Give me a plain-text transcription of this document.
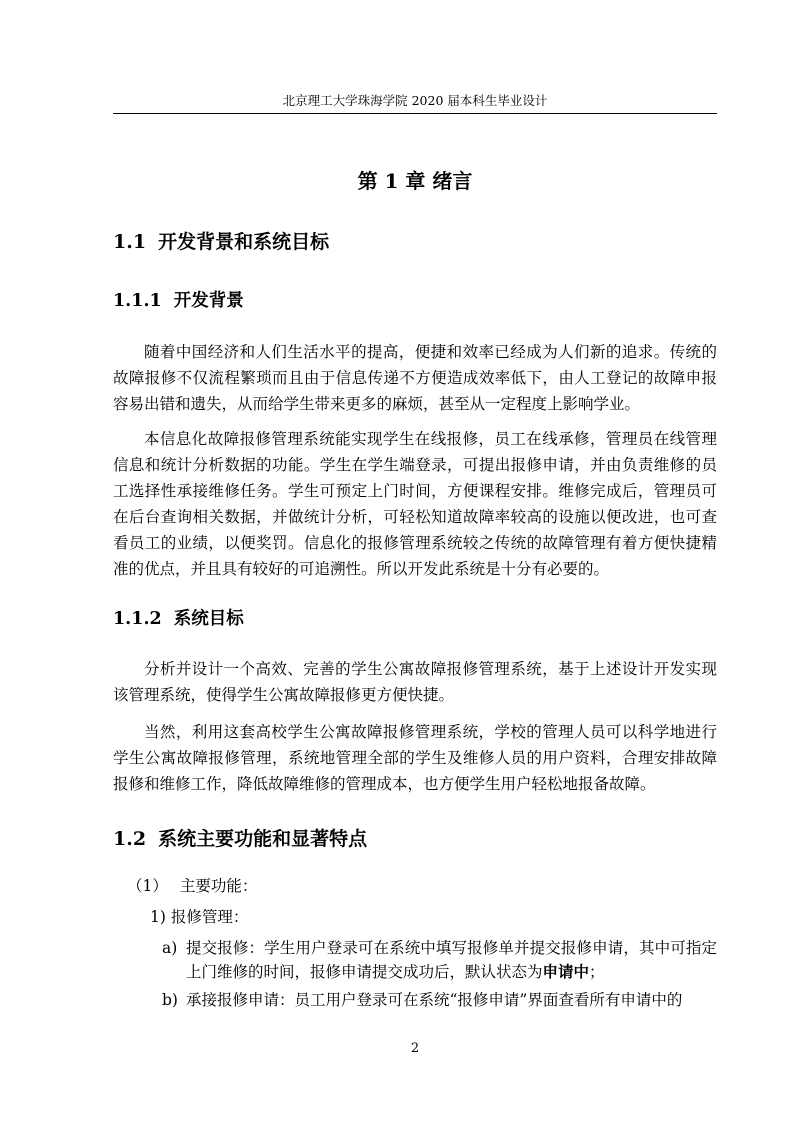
北京理工大学珠海学院 2020 届本科生毕业设计
第 1 章 绪言
1.1 开发背景和系统目标
1.1.1 开发背景

随着中国经济和人们生活水平的提高，便捷和效率已经成为人们新的追求。传统的故障报修不仅流程繁琐而且由于信息传递不方便造成效率低下，由人工登记的故障申报容易出错和遗失，从而给学生带来更多的麻烦，甚至从一定程度上影响学业。

本信息化故障报修管理系统能实现学生在线报修，员工在线承修，管理员在线管理信息和统计分析数据的功能。学生在学生端登录，可提出报修申请，并由负责维修的员工选择性承接维修任务。学生可预定上门时间，方便课程安排。维修完成后，管理员可在后台查询相关数据，并做统计分析，可轻松知道故障率较高的设施以便改进，也可查看员工的业绩，以便奖罚。信息化的报修管理系统较之传统的故障管理有着方便快捷精准的优点，并且具有较好的可追溯性。所以开发此系统是十分有必要的。

1.1.2 系统目标

分析并设计一个高效、完善的学生公寓故障报修管理系统，基于上述设计开发实现该管理系统，使得学生公寓故障报修更方便快捷。

当然，利用这套高校学生公寓故障报修管理系统，学校的管理人员可以科学地进行学生公寓故障报修管理，系统地管理全部的学生及维修人员的用户资料，合理安排故障报修和维修工作，降低故障维修的管理成本，也方便学生用户轻松地报备故障。

1.2 系统主要功能和显著特点
（1） 主要功能：
1) 报修管理：
a) 提交报修：学生用户登录可在系统中填写报修单并提交报修申请，其中可指定上门维修的时间，报修申请提交成功后，默认状态为申请中；
b) 承接报修申请：员工用户登录可在系统“报修申请”界面查看所有申请中的
2
